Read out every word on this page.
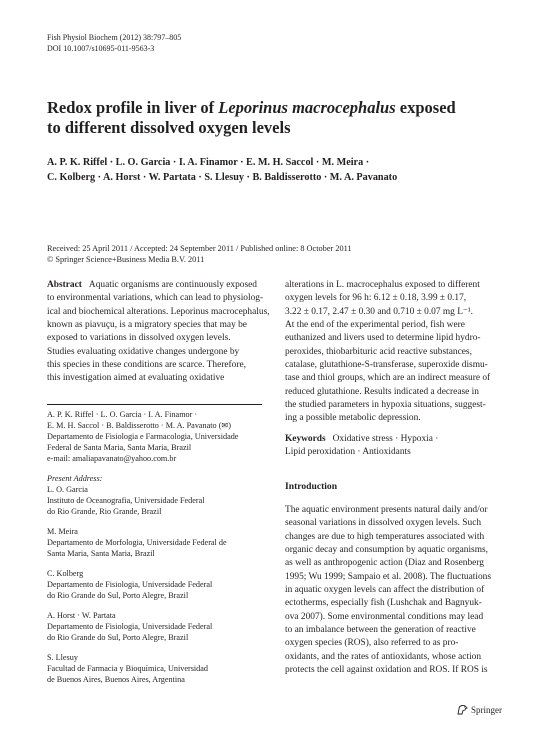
Fish Physiol Biochem (2012) 38:797–805
DOI 10.1007/s10695-011-9563-3
Redox profile in liver of Leporinus macrocephalus exposed
to different dissolved oxygen levels
A. P. K. Riffel · L. O. Garcia · I. A. Finamor · E. M. H. Saccol · M. Meira ·
C. Kolberg · A. Horst · W. Partata · S. Llesuy · B. Baldisserotto · M. A. Pavanato
Received: 25 April 2011 / Accepted: 24 September 2011 / Published online: 8 October 2011
© Springer Science+Business Media B.V. 2011
Abstract Aquatic organisms are continuously exposed
to environmental variations, which can lead to physiolog-
ical and biochemical alterations. Leporinus macrocephalus,
known as piavuçu, is a migratory species that may be
exposed to variations in dissolved oxygen levels.
Studies evaluating oxidative changes undergone by
this species in these conditions are scarce. Therefore,
this investigation aimed at evaluating oxidative
A. P. K. Riffel · L. O. Garcia · I. A. Finamor ·
E. M. H. Saccol · B. Baldisserotto · M. A. Pavanato (✉)
Departamento de Fisiologia e Farmacologia, Universidade
Federal de Santa Maria, Santa Maria, Brazil
e-mail: amaliapavanato@yahoo.com.br
Present Address:
L. O. Garcia
Instituto de Oceanografia, Universidade Federal
do Rio Grande, Rio Grande, Brazil
M. Meira
Departamento de Morfologia, Universidade Federal de
Santa Maria, Santa Maria, Brazil
C. Kolberg
Departamento de Fisiologia, Universidade Federal
do Rio Grande do Sul, Porto Alegre, Brazil
A. Horst · W. Partata
Departamento de Fisiologia, Universidade Federal
do Rio Grande do Sul, Porto Alegre, Brazil
S. Llesuy
Facultad de Farmacia y Bioquímica, Universidad
de Buenos Aires, Buenos Aires, Argentina
alterations in L. macrocephalus exposed to different
oxygen levels for 96 h: 6.12 ± 0.18, 3.99 ± 0.17,
3.22 ± 0.17, 2.47 ± 0.30 and 0.710 ± 0.07 mg L⁻¹.
At the end of the experimental period, fish were
euthanized and livers used to determine lipid hydro-
peroxides, thiobarbituric acid reactive substances,
catalase, glutathione-S-transferase, superoxide dismu-
tase and thiol groups, which are an indirect measure of
reduced glutathione. Results indicated a decrease in
the studied parameters in hypoxia situations, suggest-
ing a possible metabolic depression.
Keywords Oxidative stress · Hypoxia ·
Lipid peroxidation · Antioxidants
Introduction
The aquatic environment presents natural daily and/or
seasonal variations in dissolved oxygen levels. Such
changes are due to high temperatures associated with
organic decay and consumption by aquatic organisms,
as well as anthropogenic action (Diaz and Rosenberg
1995; Wu 1999; Sampaio et al. 2008). The fluctuations
in aquatic oxygen levels can affect the distribution of
ectotherms, especially fish (Lushchak and Bagnyuk-
ova 2007). Some environmental conditions may lead
to an imbalance between the generation of reactive
oxygen species (ROS), also referred to as pro-
oxidants, and the rates of antioxidants, whose action
protects the cell against oxidation and ROS. If ROS is
Springer
